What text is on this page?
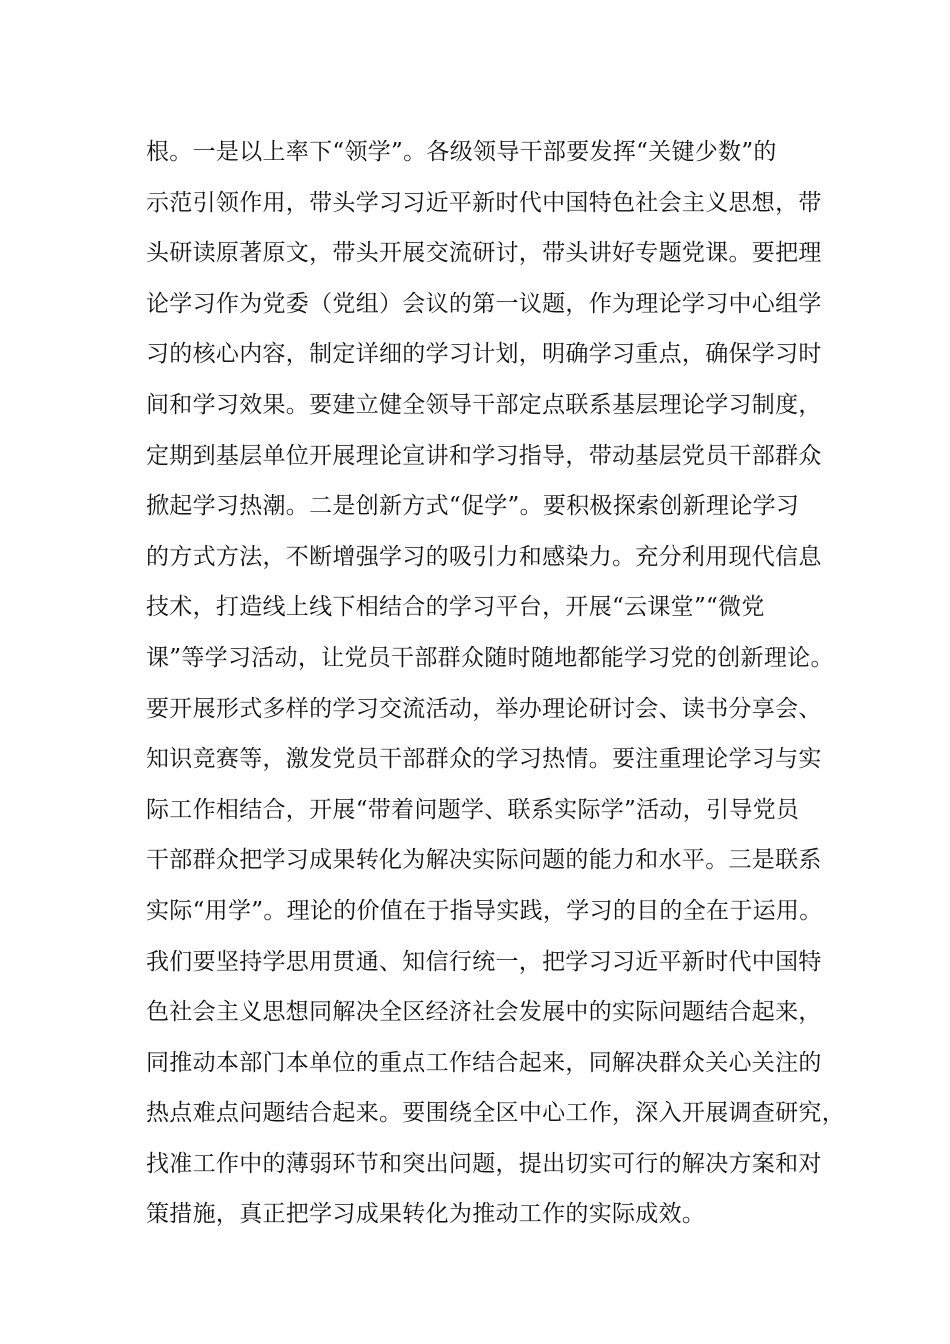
根。一是以上率下“领学”。各级领导干部要发挥“关键少数”的
示范引领作用，带头学习习近平新时代中国特色社会主义思想，带
头研读原著原文，带头开展交流研讨，带头讲好专题党课。要把理
论学习作为党委（党组）会议的第一议题，作为理论学习中心组学
习的核心内容，制定详细的学习计划，明确学习重点，确保学习时
间和学习效果。要建立健全领导干部定点联系基层理论学习制度，
定期到基层单位开展理论宣讲和学习指导，带动基层党员干部群众
掀起学习热潮。二是创新方式“促学”。要积极探索创新理论学习
的方式方法，不断增强学习的吸引力和感染力。充分利用现代信息
技术，打造线上线下相结合的学习平台，开展“云课堂”“微党
课”等学习活动，让党员干部群众随时随地都能学习党的创新理论。
要开展形式多样的学习交流活动，举办理论研讨会、读书分享会、
知识竞赛等，激发党员干部群众的学习热情。要注重理论学习与实
际工作相结合，开展“带着问题学、联系实际学”活动，引导党员
干部群众把学习成果转化为解决实际问题的能力和水平。三是联系
实际“用学”。理论的价值在于指导实践，学习的目的全在于运用。
我们要坚持学思用贯通、知信行统一，把学习习近平新时代中国特
色社会主义思想同解决全区经济社会发展中的实际问题结合起来，
同推动本部门本单位的重点工作结合起来，同解决群众关心关注的
热点难点问题结合起来。要围绕全区中心工作，深入开展调查研究，
找准工作中的薄弱环节和突出问题，提出切实可行的解决方案和对
策措施，真正把学习成果转化为推动工作的实际成效。
